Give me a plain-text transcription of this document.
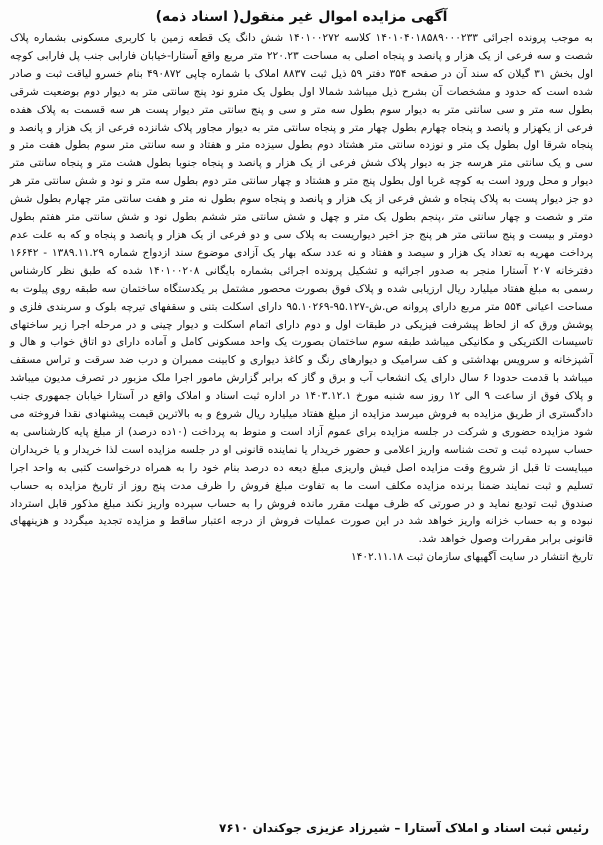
آگهی مزایده اموال غیر منقول( اسناد ذمه)

به موجب پرونده اجرائی ۱۴۰۱۰۴۰۱۸۵۸۹۰۰۰۲۳۳ کلاسه ۱۴۰۱۰۰۲۷۲ شش دانگ یک قطعه زمین با کاربری مسکونی بشماره پلاک شصت و سه فرعی از یک هزار و پانصد و پنجاه اصلی به مساحت ۲۲۰.۲۳ متر مربع واقع آستارا-خیابان فارابی جنب پل فارابی کوچه اول بخش ۳۱ گیلان که سند آن در صفحه ۳۵۴ دفتر ۵۹ ذیل ثبت ۸۸۳۷ املاک با شماره چاپی ۴۹۰۸۷۲ بنام خسرو لیاقت ثبت و صادر شده است که حدود و مشخصات آن بشرح ذیل میباشد شمالا اول بطول یک مترو نود پنج سانتی متر به دیوار دوم بوضعیت شرقی بطول سه متر و سی سانتی متر به دیوار سوم بطول سه متر و سی و پنج سانتی متر دیوار پست هر سه قسمت به پلاک هفده فرعی از یکهزار و پانصد و پنجاه چهارم بطول چهار متر و پنجاه سانتی متر به دیوار مجاور پلاک شانزده فرعی از یک هزار و پانصد و پنجاه شرقا اول بطول یک متر و نوزده سانتی متر هشتاد دوم بطول سیزده متر و هفتاد و سه سانتی متر سوم بطول هفت متر و سی و یک سانتی متر هرسه جز به دیوار پلاک شش فرعی از یک هزار و پانصد و پنجاه جنوبا بطول هشت متر و پنجاه سانتی متر دیوار و محل ورود است به کوچه غربا اول بطول پنج متر و هشتاد و چهار سانتی متر دوم بطول سه متر و نود و شش سانتی متر هر دو جز دیوار پست به پلاک پنجاه و شش فرعی از یک هزار و پانصد و پنجاه سوم بطول نه متر و هفت سانتی متر چهارم بطول شش متر و شصت و چهار سانتی متر ،پنجم بطول یک متر و چهل و شش سانتی متر ششم بطول نود و شش سانتی متر هفتم بطول دومتر و بیست و پنج سانتی متر هر پنج جز اخیر دیواریست به پلاک سی و دو فرعی از یک هزار و پانصد و پنجاه و که به علت عدم پرداخت مهریه به تعداد یک هزار و سیصد و هفتاد و نه عدد سکه بهار یک آزادی موضوع سند ازدواج شماره ۱۳۸۹.۱۱.۲۹ - ۱۶۶۴۲ دفترخانه ۲۰۷ آستارا منجر به صدور اجرائیه و تشکیل پرونده اجرائی بشماره بایگانی ۱۴۰۱۰۰۲۰۸ شده که طبق نظر کارشناس رسمی به مبلغ هفتاد میلیارد ریال ارزیابی شده و پلاک فوق بصورت محصور مشتمل بر یکدستگاه ساختمان سه طبقه روی پیلوت به مساحت اعیانی ۵۵۴ متر مربع دارای پروانه ص.ش-۹۵.۱۲۷-۹۵.۱۰۲۶۹ دارای اسکلت بتنی و سقفهای تیرچه بلوک و سربندی فلزی و پوشش ورق که از لحاظ پیشرفت فیزیکی در طبقات اول و دوم دارای اتمام اسکلت و دیوار چینی و در مرحله اجرا زیر ساختهای تاسیسات الکتریکی و مکانیکی میباشد طبقه سوم ساختمان بصورت یک واحد مسکونی کامل و آماده دارای دو اتاق خواب و هال و آشپزخانه و سرویس بهداشتی و کف سرامیک و دیوارهای رنگ و کاغذ دیواری و کابینت ممبران و درب ضد سرقت و تراس مسقف میباشد با قدمت حدودا ۶ سال دارای یک انشعاب آب و برق و گاز که برابر گزارش مامور اجرا ملک مزبور در تصرف مدیون میباشد و پلاک فوق از ساعت ۹ الی ۱۲ روز سه شنبه مورخ ۱۴۰۳.۱۲.۱ در اداره ثبت اسناد و املاک واقع در آستارا خیابان جمهوری جنب دادگستری از طریق مزایده به فروش میرسد مزایده از مبلغ هفتاد میلیارد ریال شروع و به بالاترین قیمت پیشنهادی نقدا فروخته می شود مزایده حضوری و شرکت در جلسه مزایده برای عموم آزاد است و منوط به پرداخت (۱۰ده درصد) از مبلغ پایه کارشناسی به حساب سپرده ثبت و تحت شناسه واریز اعلامی و حضور خریدار یا نماینده قانونی او در جلسه مزایده است لذا خریدار و یا خریداران میبایست تا قبل از شروع وقت مزایده اصل فیش واریزی مبلغ دیعه ده درصد بنام خود را به همراه درخواست کتبی به واحد اجرا تسلیم و ثبت نمایند ضمنا برنده مزایده مکلف است ما به تفاوت مبلغ فروش را ظرف مدت پنج روز از تاریخ مزایده به حساب صندوق ثبت تودیع نماید و در صورتی که ظرف مهلت مقرر مانده فروش را به حساب سپرده واریز نکند مبلغ مذکور قابل استرداد نبوده و به حساب خزانه واریز خواهد شد در این صورت عملیات فروش از درجه اعتبار ساقط و مزایده تجدید میگردد و هزینههای قانونی برابر مقررات وصول خواهد شد.

تاریخ انتشار در سایت آگهیهای سازمان ثبت ۱۴۰۲.۱۱.۱۸

رئیس ثبت اسناد و املاک آستارا – شیرزاد عزیزی جوکندان ۷۶۱۰
